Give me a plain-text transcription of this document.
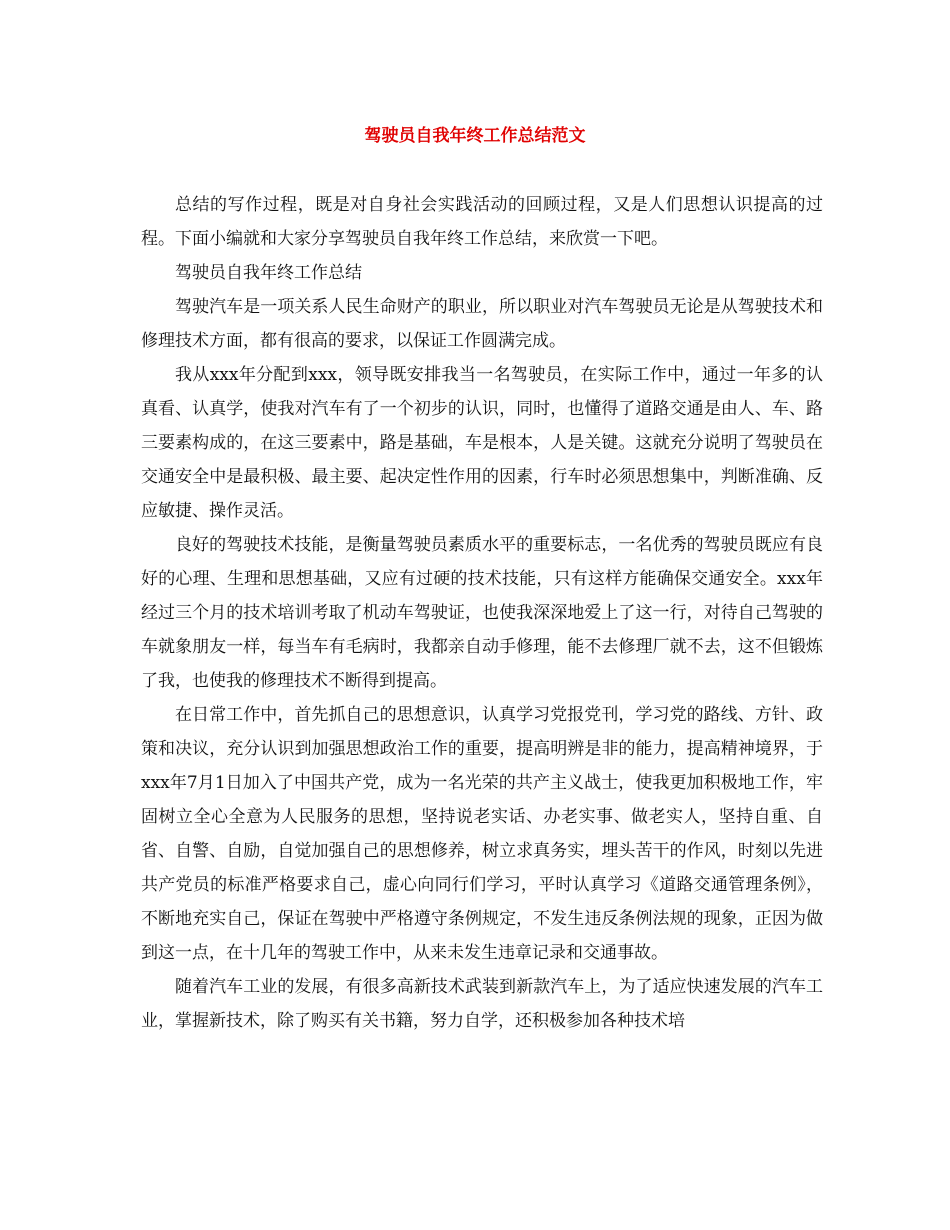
驾驶员自我年终工作总结范文

总结的写作过程，既是对自身社会实践活动的回顾过程，又是人们思想认识提高的过程。下面小编就和大家分享驾驶员自我年终工作总结，来欣赏一下吧。

驾驶员自我年终工作总结

驾驶汽车是一项关系人民生命财产的职业，所以职业对汽车驾驶员无论是从驾驶技术和修理技术方面，都有很高的要求，以保证工作圆满完成。

我从xxx年分配到xxx，领导既安排我当一名驾驶员，在实际工作中，通过一年多的认真看、认真学，使我对汽车有了一个初步的认识，同时，也懂得了道路交通是由人、车、路三要素构成的，在这三要素中，路是基础，车是根本，人是关键。这就充分说明了驾驶员在交通安全中是最积极、最主要、起决定性作用的因素，行车时必须思想集中，判断准确、反应敏捷、操作灵活。

良好的驾驶技术技能，是衡量驾驶员素质水平的重要标志，一名优秀的驾驶员既应有良好的心理、生理和思想基础，又应有过硬的技术技能，只有这样方能确保交通安全。xxx年经过三个月的技术培训考取了机动车驾驶证，也使我深深地爱上了这一行，对待自己驾驶的车就象朋友一样，每当车有毛病时，我都亲自动手修理，能不去修理厂就不去，这不但锻炼了我，也使我的修理技术不断得到提高。

在日常工作中，首先抓自己的思想意识，认真学习党报党刊，学习党的路线、方针、政策和决议，充分认识到加强思想政治工作的重要，提高明辨是非的能力，提高精神境界，于xxx年7月1日加入了中国共产党，成为一名光荣的共产主义战士，使我更加积极地工作，牢固树立全心全意为人民服务的思想，坚持说老实话、办老实事、做老实人，坚持自重、自省、自警、自励，自觉加强自己的思想修养，树立求真务实，埋头苦干的作风，时刻以先进共产党员的标准严格要求自己，虚心向同行们学习，平时认真学习《道路交通管理条例》，不断地充实自己，保证在驾驶中严格遵守条例规定，不发生违反条例法规的现象，正因为做到这一点，在十几年的驾驶工作中，从来未发生违章记录和交通事故。

随着汽车工业的发展，有很多高新技术武装到新款汽车上，为了适应快速发展的汽车工业，掌握新技术，除了购买有关书籍，努力自学，还积极参加各种技术培
